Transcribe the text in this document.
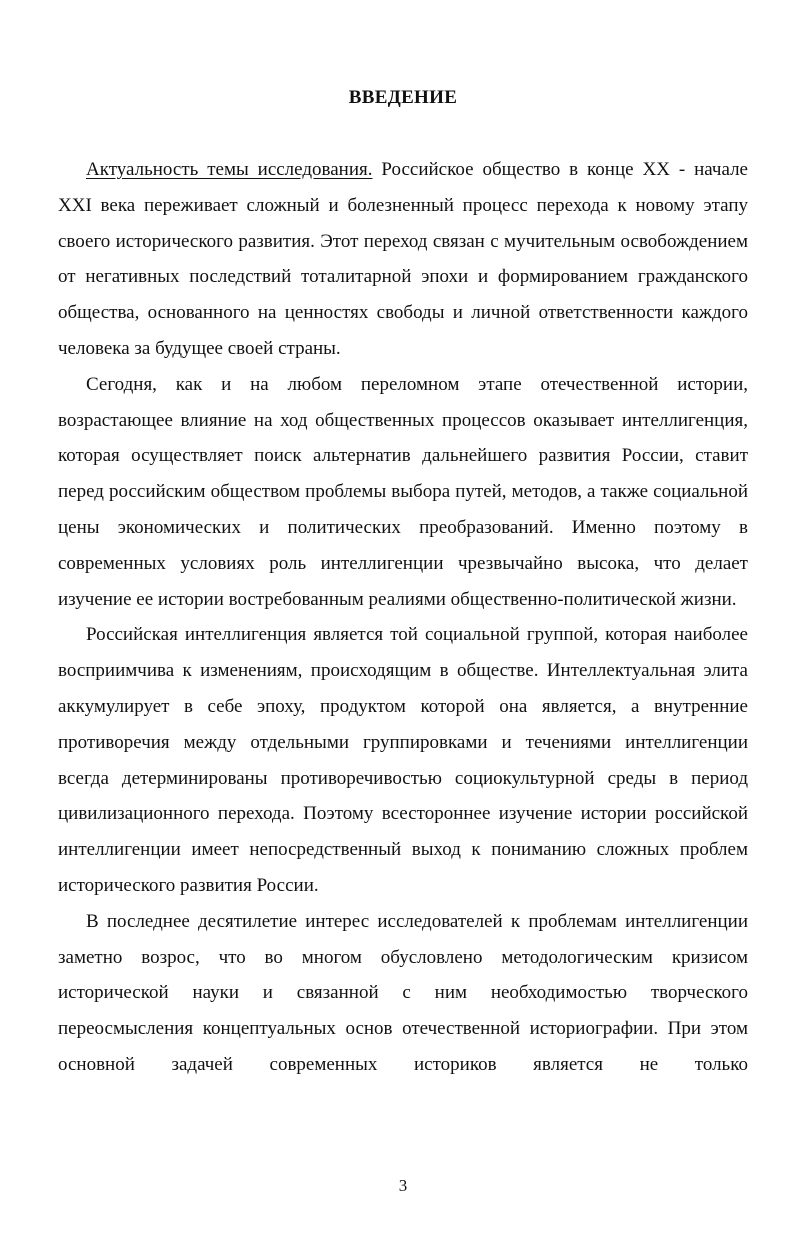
ВВЕДЕНИЕ

Актуальность темы исследования. Российское общество в конце XX - начале XXI века переживает сложный и болезненный процесс перехода к новому этапу своего исторического развития. Этот переход связан с мучительным освобождением от негативных последствий тоталитарной эпохи и формированием гражданского общества, основанного на ценностях свободы и личной ответственности каждого человека за будущее своей страны.

Сегодня, как и на любом переломном этапе отечественной истории, возрастающее влияние на ход общественных процессов оказывает интеллигенция, которая осуществляет поиск альтернатив дальнейшего развития России, ставит перед российским обществом проблемы выбора путей, методов, а также социальной цены экономических и политических преобразований. Именно поэтому в современных условиях роль интеллигенции чрезвычайно высока, что делает изучение ее истории востребованным реалиями общественно-политической жизни.

Российская интеллигенция является той социальной группой, которая наиболее восприимчива к изменениям, происходящим в обществе. Интеллектуальная элита аккумулирует в себе эпоху, продуктом которой она является, а внутренние противоречия между отдельными группировками и течениями интеллигенции всегда детерминированы противоречивостью социокультурной среды в период цивилизационного перехода. Поэтому всестороннее изучение истории российской интеллигенции имеет непосредственный выход к пониманию сложных проблем исторического развития России.

В последнее десятилетие интерес исследователей к проблемам интеллигенции заметно возрос, что во многом обусловлено методологическим кризисом исторической науки и связанной с ним необходимостью творческого переосмысления концептуальных основ отечественной историографии. При этом основной задачей современных историков является не только

3
